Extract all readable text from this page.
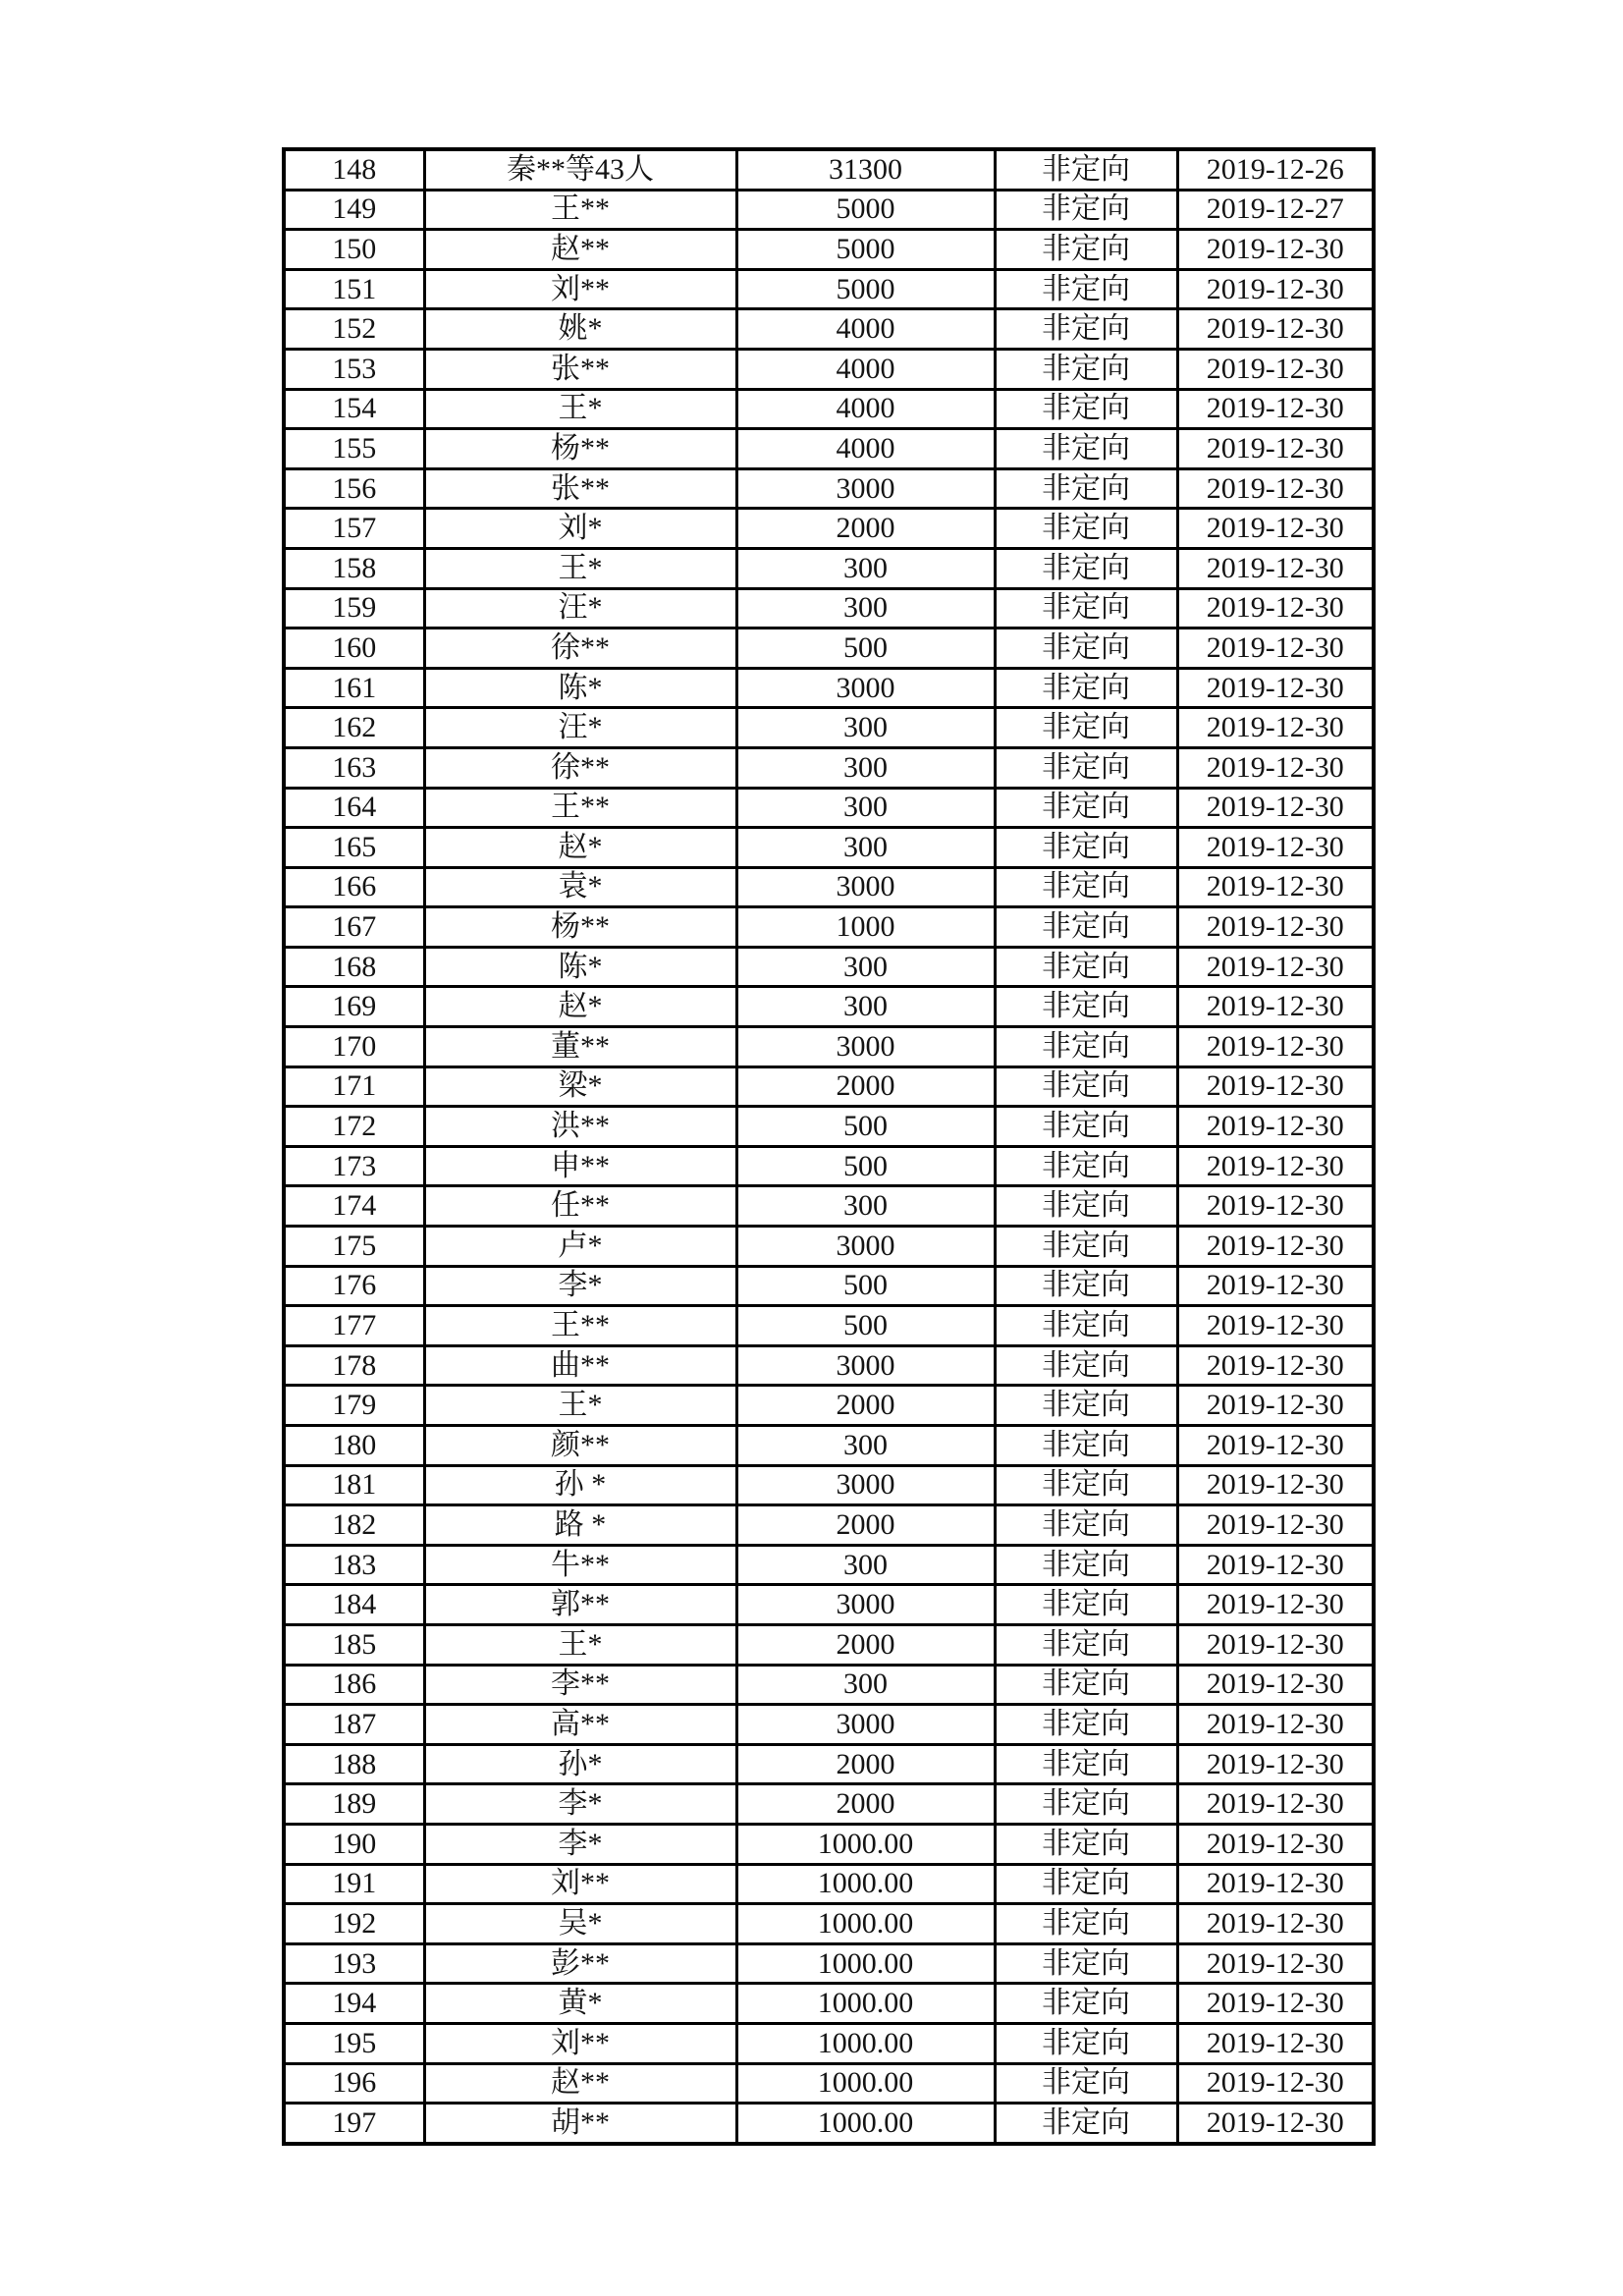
148	秦**等43人	31300	非定向	2019-12-26
149	王**	5000	非定向	2019-12-27
150	赵**	5000	非定向	2019-12-30
151	刘**	5000	非定向	2019-12-30
152	姚*	4000	非定向	2019-12-30
153	张**	4000	非定向	2019-12-30
154	王*	4000	非定向	2019-12-30
155	杨**	4000	非定向	2019-12-30
156	张**	3000	非定向	2019-12-30
157	刘*	2000	非定向	2019-12-30
158	王*	300	非定向	2019-12-30
159	汪*	300	非定向	2019-12-30
160	徐**	500	非定向	2019-12-30
161	陈*	3000	非定向	2019-12-30
162	汪*	300	非定向	2019-12-30
163	徐**	300	非定向	2019-12-30
164	王**	300	非定向	2019-12-30
165	赵*	300	非定向	2019-12-30
166	袁*	3000	非定向	2019-12-30
167	杨**	1000	非定向	2019-12-30
168	陈*	300	非定向	2019-12-30
169	赵*	300	非定向	2019-12-30
170	董**	3000	非定向	2019-12-30
171	梁*	2000	非定向	2019-12-30
172	洪**	500	非定向	2019-12-30
173	申**	500	非定向	2019-12-30
174	任**	300	非定向	2019-12-30
175	卢*	3000	非定向	2019-12-30
176	李*	500	非定向	2019-12-30
177	王**	500	非定向	2019-12-30
178	曲**	3000	非定向	2019-12-30
179	王*	2000	非定向	2019-12-30
180	颜**	300	非定向	2019-12-30
181	孙 *	3000	非定向	2019-12-30
182	路 *	2000	非定向	2019-12-30
183	牛**	300	非定向	2019-12-30
184	郭**	3000	非定向	2019-12-30
185	王*	2000	非定向	2019-12-30
186	李**	300	非定向	2019-12-30
187	高**	3000	非定向	2019-12-30
188	孙*	2000	非定向	2019-12-30
189	李*	2000	非定向	2019-12-30
190	李*	1000.00	非定向	2019-12-30
191	刘**	1000.00	非定向	2019-12-30
192	吴*	1000.00	非定向	2019-12-30
193	彭**	1000.00	非定向	2019-12-30
194	黄*	1000.00	非定向	2019-12-30
195	刘**	1000.00	非定向	2019-12-30
196	赵**	1000.00	非定向	2019-12-30
197	胡**	1000.00	非定向	2019-12-30
